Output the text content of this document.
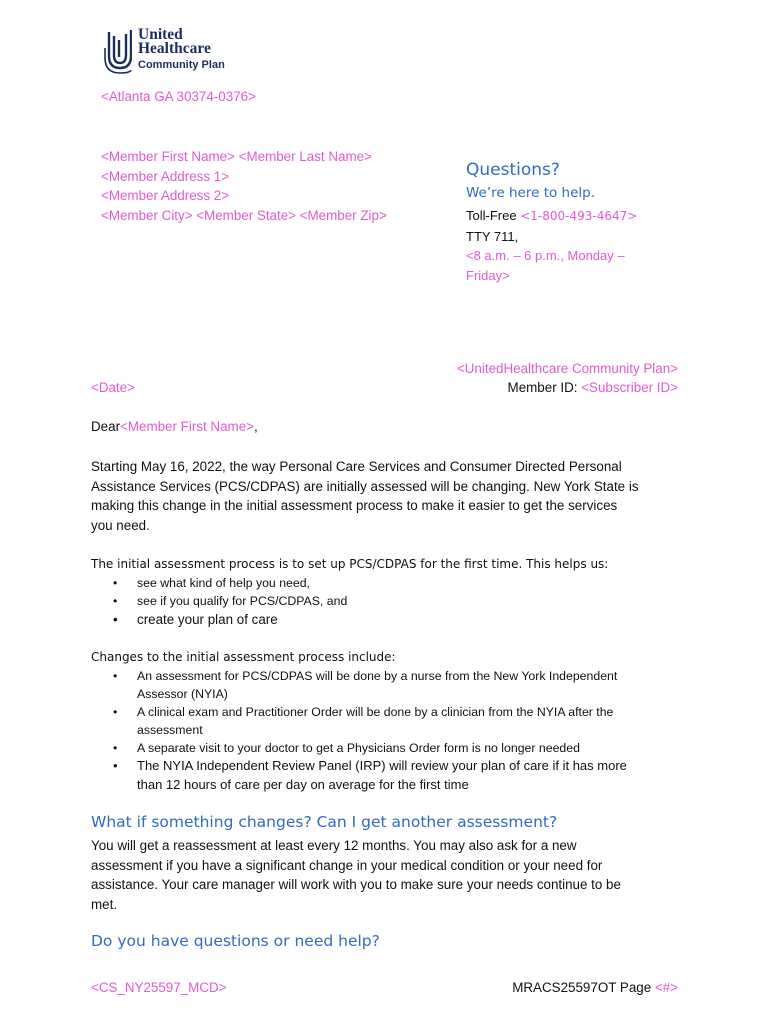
United
Healthcare
Community Plan
<Atlanta GA 30374-0376>
<Member First Name> <Member Last Name>
<Member Address 1>
<Member Address 2>
<Member City> <Member State> <Member Zip>
Questions?
We’re here to help.
Toll-Free <1-800-493-4647>
TTY 711,
<8 a.m. – 6 p.m., Monday –
Friday>
<UnitedHealthcare Community Plan>
<Date>	Member ID: <Subscriber ID>
Dear<Member First Name>,
Starting May 16, 2022, the way Personal Care Services and Consumer Directed Personal
Assistance Services (PCS/CDPAS) are initially assessed will be changing. New York State is
making this change in the initial assessment process to make it easier to get the services
you need.
The initial assessment process is to set up PCS/CDPAS for the first time. This helps us:
• see what kind of help you need,
• see if you qualify for PCS/CDPAS, and
• create your plan of care
Changes to the initial assessment process include:
• An assessment for PCS/CDPAS will be done by a nurse from the New York Independent
Assessor (NYIA)
• A clinical exam and Practitioner Order will be done by a clinician from the NYIA after the
assessment
• A separate visit to your doctor to get a Physicians Order form is no longer needed
• The NYIA Independent Review Panel (IRP) will review your plan of care if it has more
than 12 hours of care per day on average for the first time
What if something changes? Can I get another assessment?
You will get a reassessment at least every 12 months. You may also ask for a new
assessment if you have a significant change in your medical condition or your need for
assistance. Your care manager will work with you to make sure your needs continue to be
met.
Do you have questions or need help?
<CS_NY25597_MCD>	MRACS25597OT Page <#>
